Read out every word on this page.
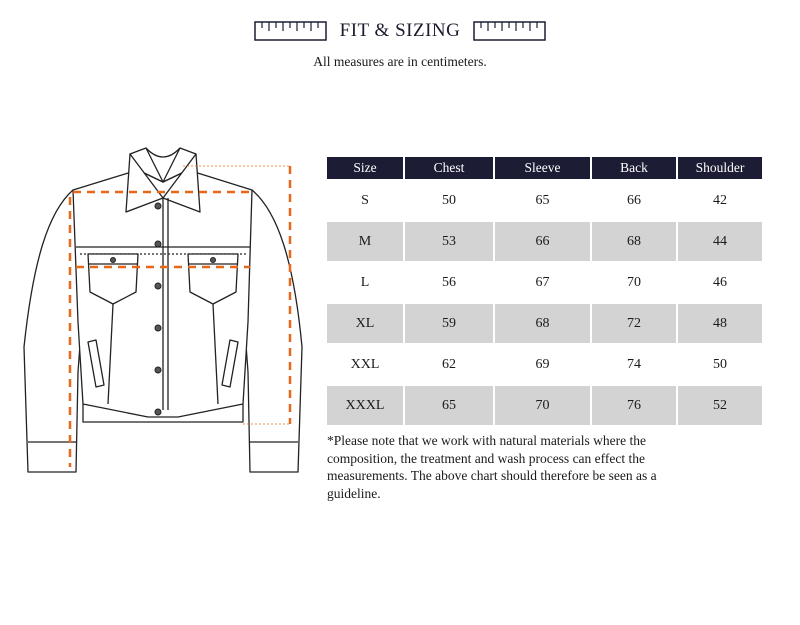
FIT & SIZING
All measures are in centimeters.
Size	Chest	Sleeve	Back	Shoulder
S	50	65	66	42
M	53	66	68	44
L	56	67	70	46
XL	59	68	72	48
XXL	62	69	74	50
XXXL	65	70	76	52
*Please note that we work with natural materials where the composition, the treatment and wash process can effect the measurements. The above chart should therefore be seen as a guideline.
